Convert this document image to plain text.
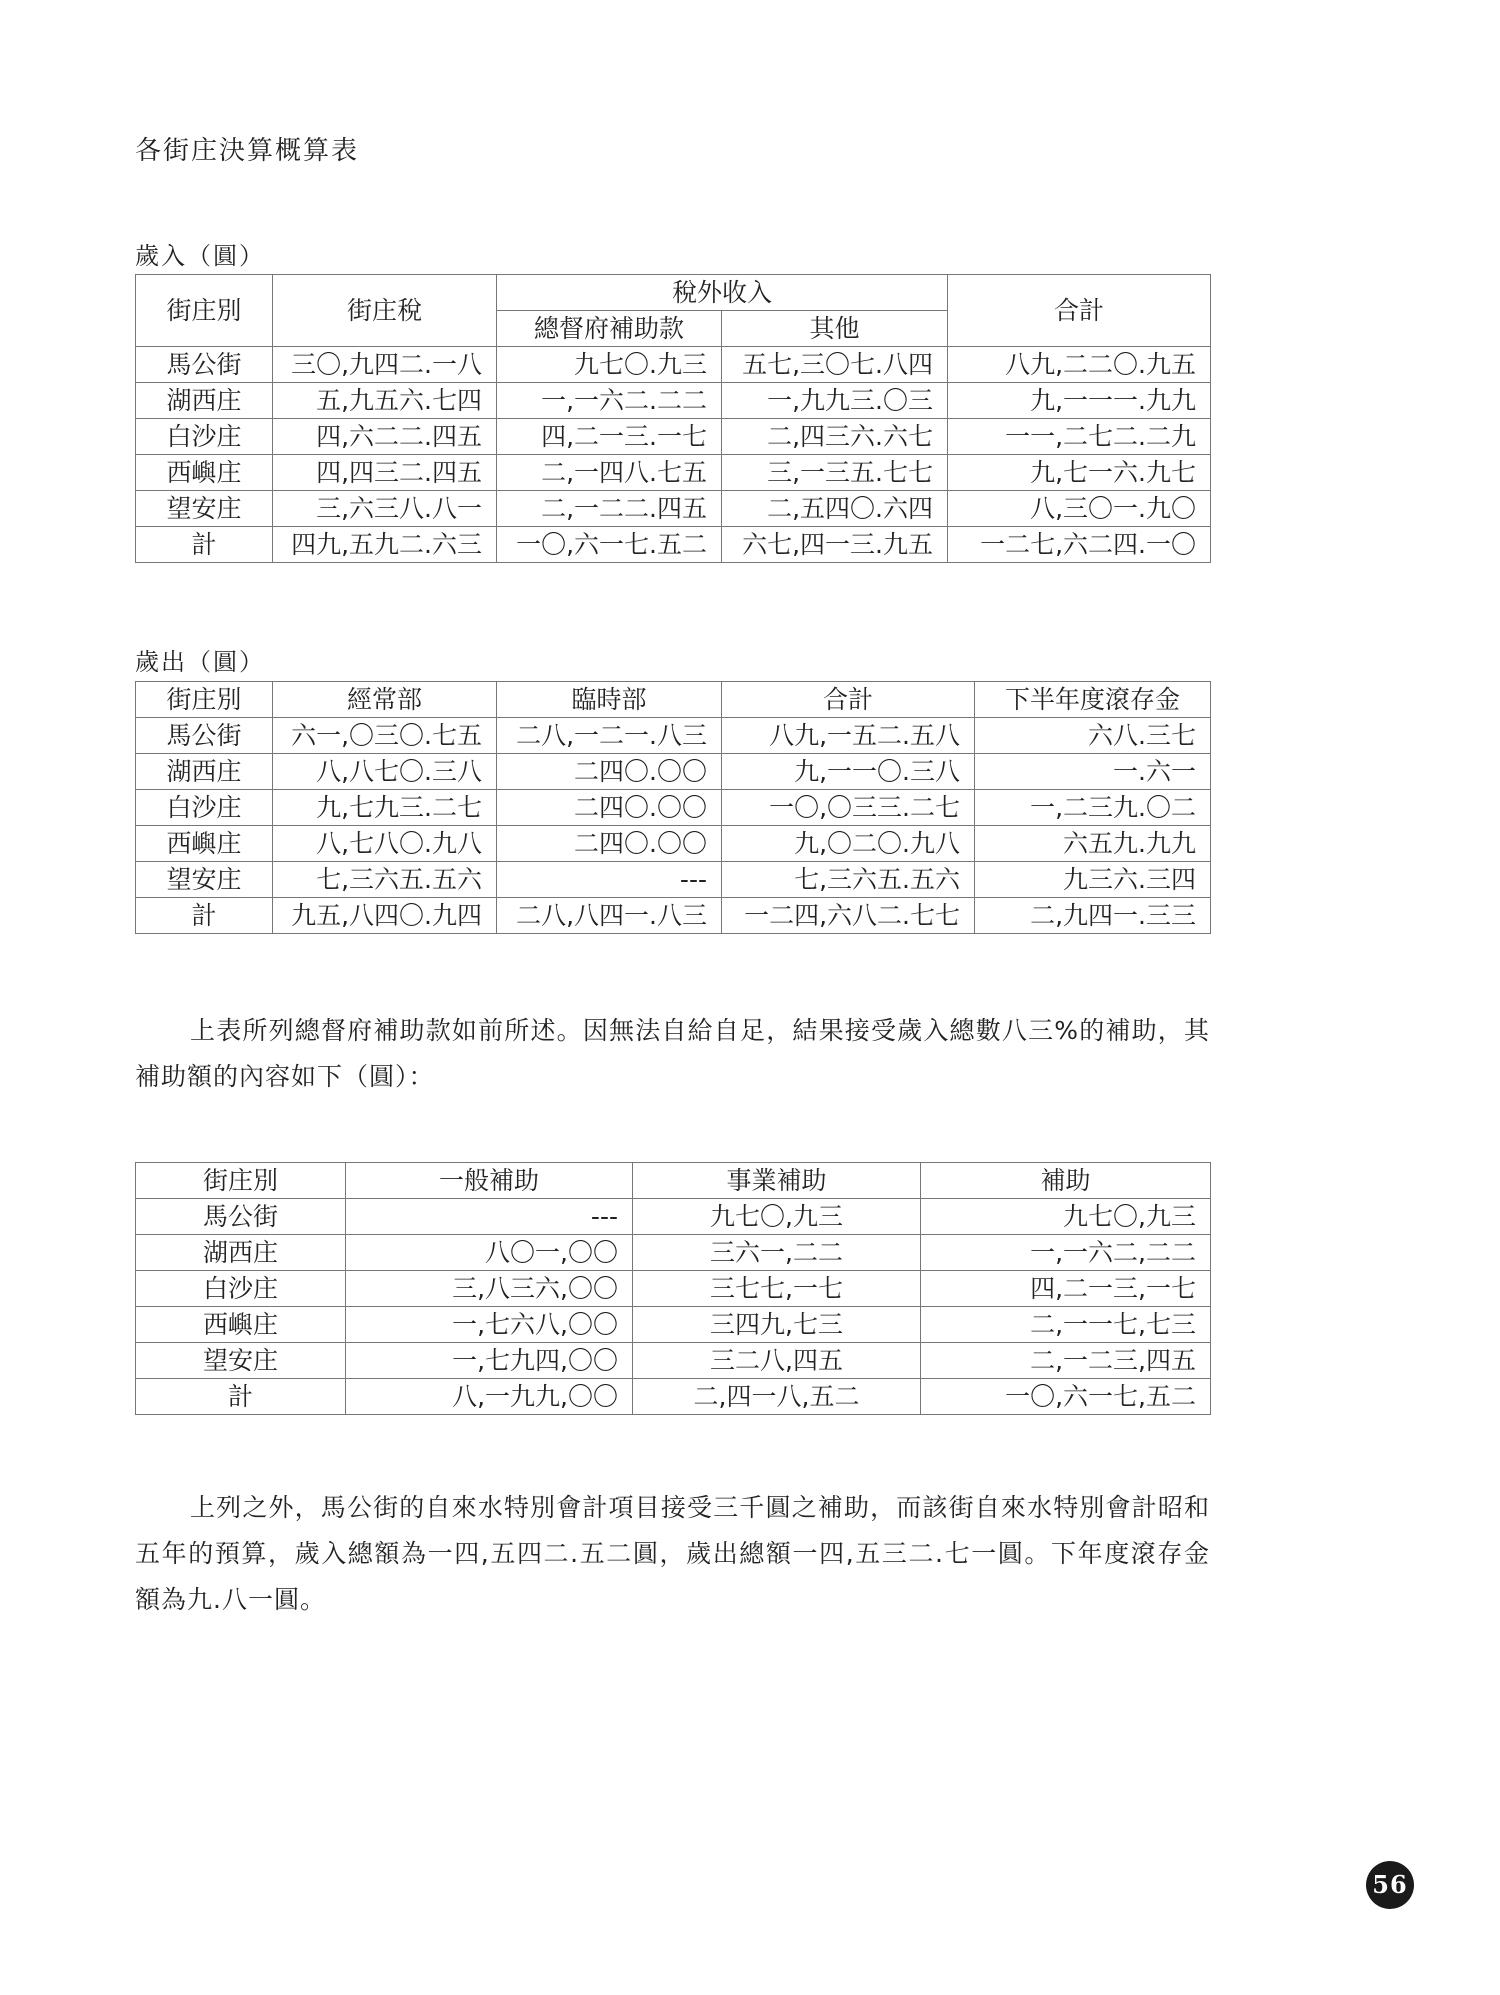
各街庄決算概算表
歲入（圓）
街庄別	街庄稅	稅外收入		合計
		總督府補助款	其他	
馬公街	三〇,九四二.一八	九七〇.九三	五七,三〇七.八四	八九,二二〇.九五
湖西庄	五,九五六.七四	一,一六二.二二	一,九九三.〇三	九,一一一.九九
白沙庄	四,六二二.四五	四,二一三.一七	二,四三六.六七	一一,二七二.二九
西嶼庄	四,四三二.四五	二,一四八.七五	三,一三五.七七	九,七一六.九七
望安庄	三,六三八.八一	二,一二二.四五	二,五四〇.六四	八,三〇一.九〇
計	四九,五九二.六三	一〇,六一七.五二	六七,四一三.九五	一二七,六二四.一〇
歲出（圓）
街庄別	經常部	臨時部	合計	下半年度滾存金
馬公街	六一,〇三〇.七五	二八,一二一.八三	八九,一五二.五八	六八.三七
湖西庄	八,八七〇.三八	二四〇.〇〇	九,一一〇.三八	一.六一
白沙庄	九,七九三.二七	二四〇.〇〇	一〇,〇三三.二七	一,二三九.〇二
西嶼庄	八,七八〇.九八	二四〇.〇〇	九,〇二〇.九八	六五九.九九
望安庄	七,三六五.五六	---	七,三六五.五六	九三六.三四
計	九五,八四〇.九四	二八,八四一.八三	一二四,六八二.七七	二,九四一.三三

上表所列總督府補助款如前所述。因無法自給自足，結果接受歲入總數八三%的補助，其補助額的內容如下（圓）：

街庄別	一般補助	事業補助	補助
馬公街	---	九七〇,九三	九七〇,九三
湖西庄	八〇一,〇〇	三六一,二二	一,一六二,二二
白沙庄	三,八三六,〇〇	三七七,一七	四,二一三,一七
西嶼庄	一,七六八,〇〇	三四九,七三	二,一一七,七三
望安庄	一,七九四,〇〇	三二八,四五	二,一二三,四五
計	八,一九九,〇〇	二,四一八,五二	一〇,六一七,五二

上列之外，馬公街的自來水特別會計項目接受三千圓之補助，而該街自來水特別會計昭和五年的預算，歲入總額為一四,五四二.五二圓，歲出總額一四,五三二.七一圓。下年度滾存金額為九.八一圓。

56
